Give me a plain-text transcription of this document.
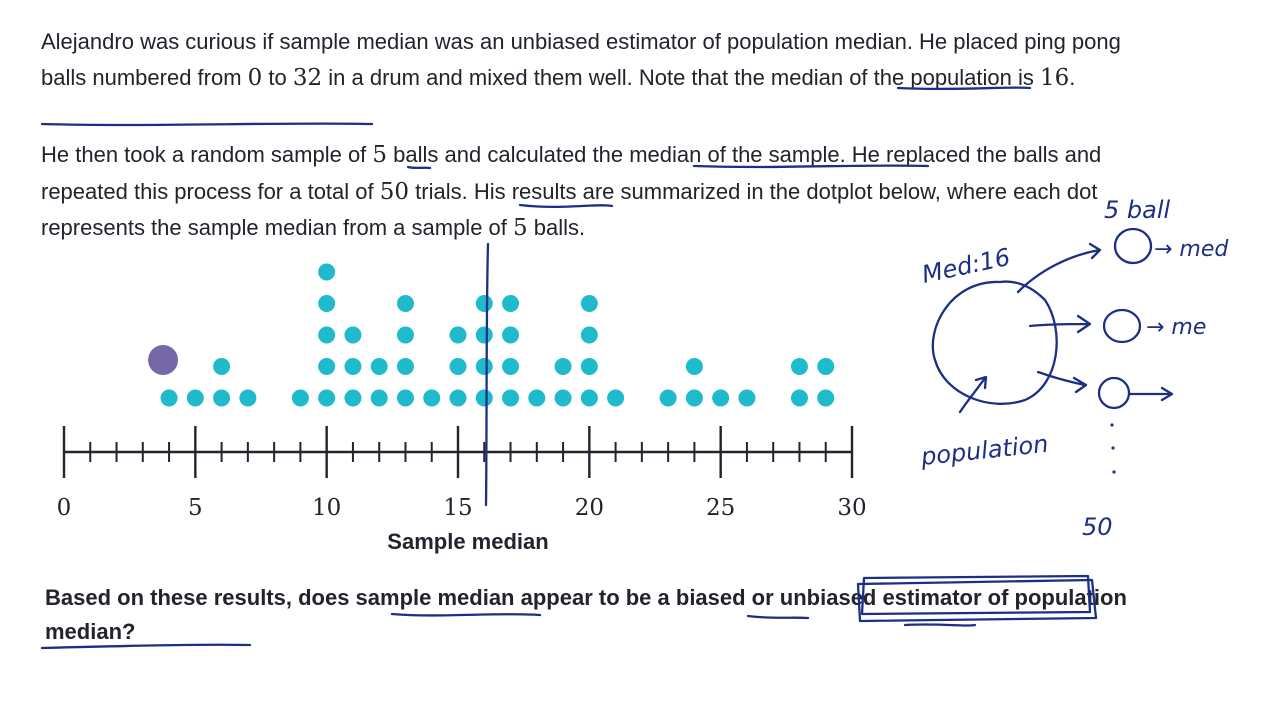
Alejandro was curious if sample median was an unbiased estimator of population median. He placed ping pong balls numbered from 0 to 32 in a drum and mixed them well. Note that the median of the population is 16.

He then took a random sample of 5 balls and calculated the median of the sample. He replaced the balls and repeated this process for a total of 50 trials. His results are summarized in the dotplot below, where each dot represents the sample median from a sample of 5 balls.

Based on these results, does sample median appear to be a biased or unbiased estimator of population median?

0	5	10	15	20	25	30
Sample median
Med:16
5 ball
→ med
→ me
population
50
